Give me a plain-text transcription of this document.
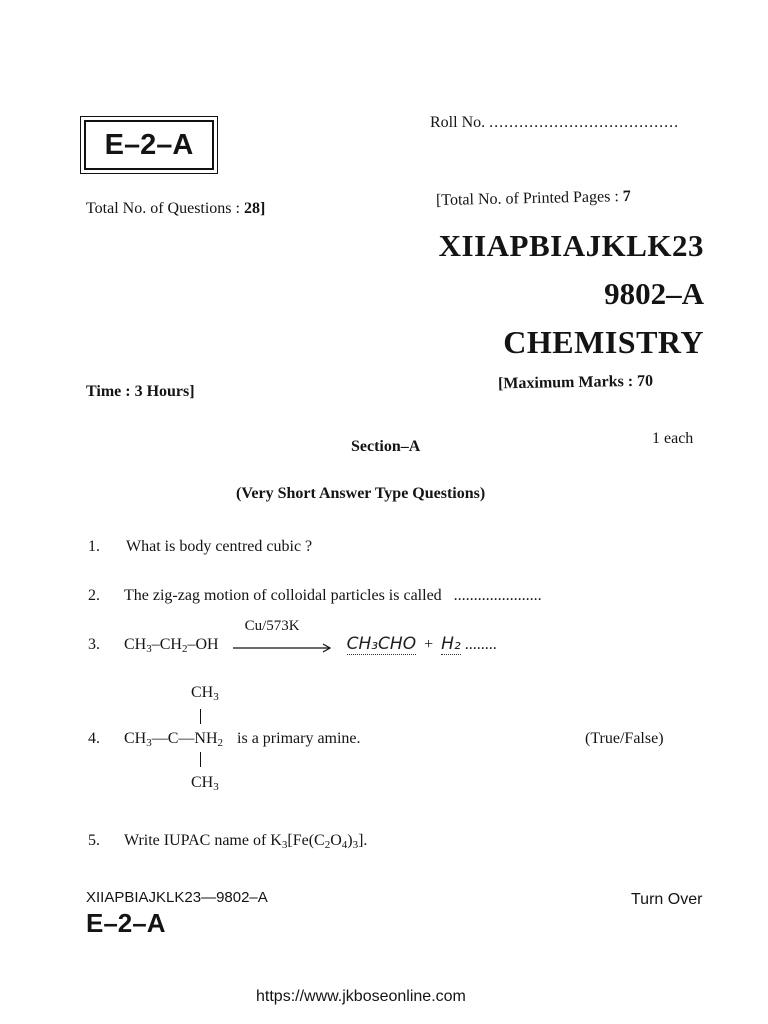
E–2–A
Roll No. ......................................
Total No. of Questions : 28]	[Total No. of Printed Pages : 7
XIIAPBIAJKLK23
9802–A
CHEMISTRY
Time : 3 Hours]	[Maximum Marks : 70
Section–A	1 each
(Very Short Answer Type Questions)
1. What is body centred cubic ?
2. The zig-zag motion of colloidal particles is called ......................
3. $CH_3-CH_2-OH$
Cu/573K
CH₃CHO + H₂ ........
$CH_3$
4. $CH_3—C—NH_2$ is a primary amine.	(True/False)
$CH_3$
5. Write IUPAC name of $K_3[Fe(C_2O_4)_3]$.
XIIAPBIAJKLK23—9802–A
E–2–A
Turn Over
https://www.jkboseonline.com
